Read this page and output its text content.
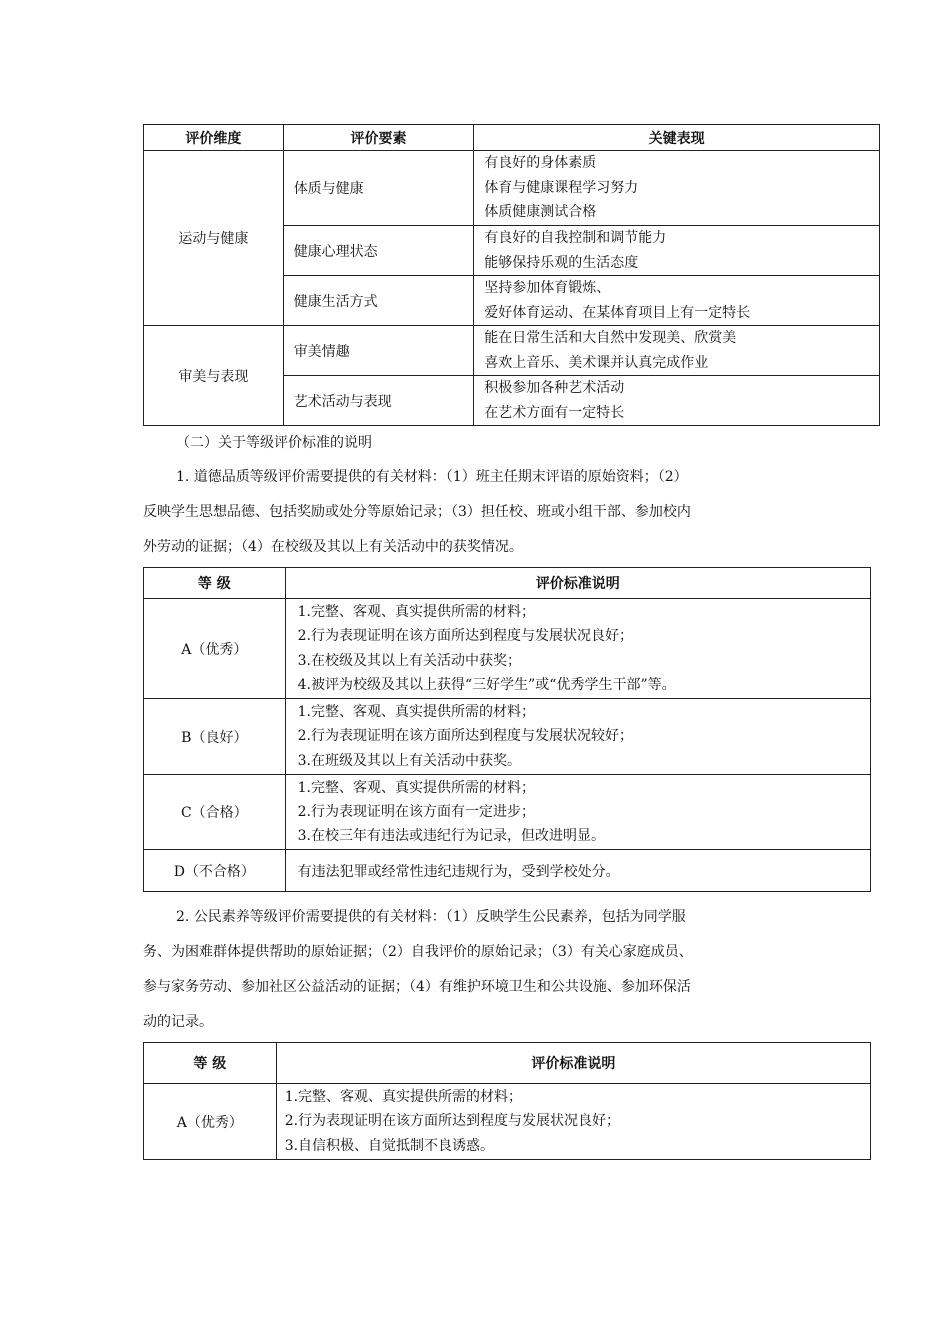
评价维度	评价要素	关键表现
运动与健康	体质与健康	有良好的身体素质
体育与健康课程学习努力
体质健康测试合格

	健康心理状态	有良好的自我控制和调节能力
能够保持乐观的生活态度

	健康生活方式	坚持参加体育锻炼、
爱好体育运动、在某体育项目上有一定特长

审美与表现	审美情趣	能在日常生活和大自然中发现美、欣赏美
喜欢上音乐、美术课并认真完成作业

	艺术活动与表现	积极参加各种艺术活动
在艺术方面有一定特长
（二）关于等级评价标准的说明
1. 道德品质等级评价需要提供的有关材料：（1）班主任期末评语的原始资料；（2）
反映学生思想品德、包括奖励或处分等原始记录；（3）担任校、班或小组干部、参加校内
外劳动的证据；（4）在校级及其以上有关活动中的获奖情况。
等 级	评价标准说明
A（优秀）	1.完整、客观、真实提供所需的材料；
2.行为表现证明在该方面所达到程度与发展状况良好；
3.在校级及其以上有关活动中获奖；
4.被评为校级及其以上获得“三好学生”或“优秀学生干部”等。

B（良好）	1.完整、客观、真实提供所需的材料；
2.行为表现证明在该方面所达到程度与发展状况较好；
3.在班级及其以上有关活动中获奖。

C（合格）	1.完整、客观、真实提供所需的材料；
2.行为表现证明在该方面有一定进步；
3.在校三年有违法或违纪行为记录，但改进明显。

D（不合格）	有违法犯罪或经常性违纪违规行为，受到学校处分。
2. 公民素养等级评价需要提供的有关材料：（1）反映学生公民素养，包括为同学服
务、为困难群体提供帮助的原始证据；（2）自我评价的原始记录；（3）有关心家庭成员、
参与家务劳动、参加社区公益活动的证据；（4）有维护环境卫生和公共设施、参加环保活
动的记录。
等 级	评价标准说明
A（优秀）	1.完整、客观、真实提供所需的材料；
2.行为表现证明在该方面所达到程度与发展状况良好；
3.自信积极、自觉抵制不良诱惑。
